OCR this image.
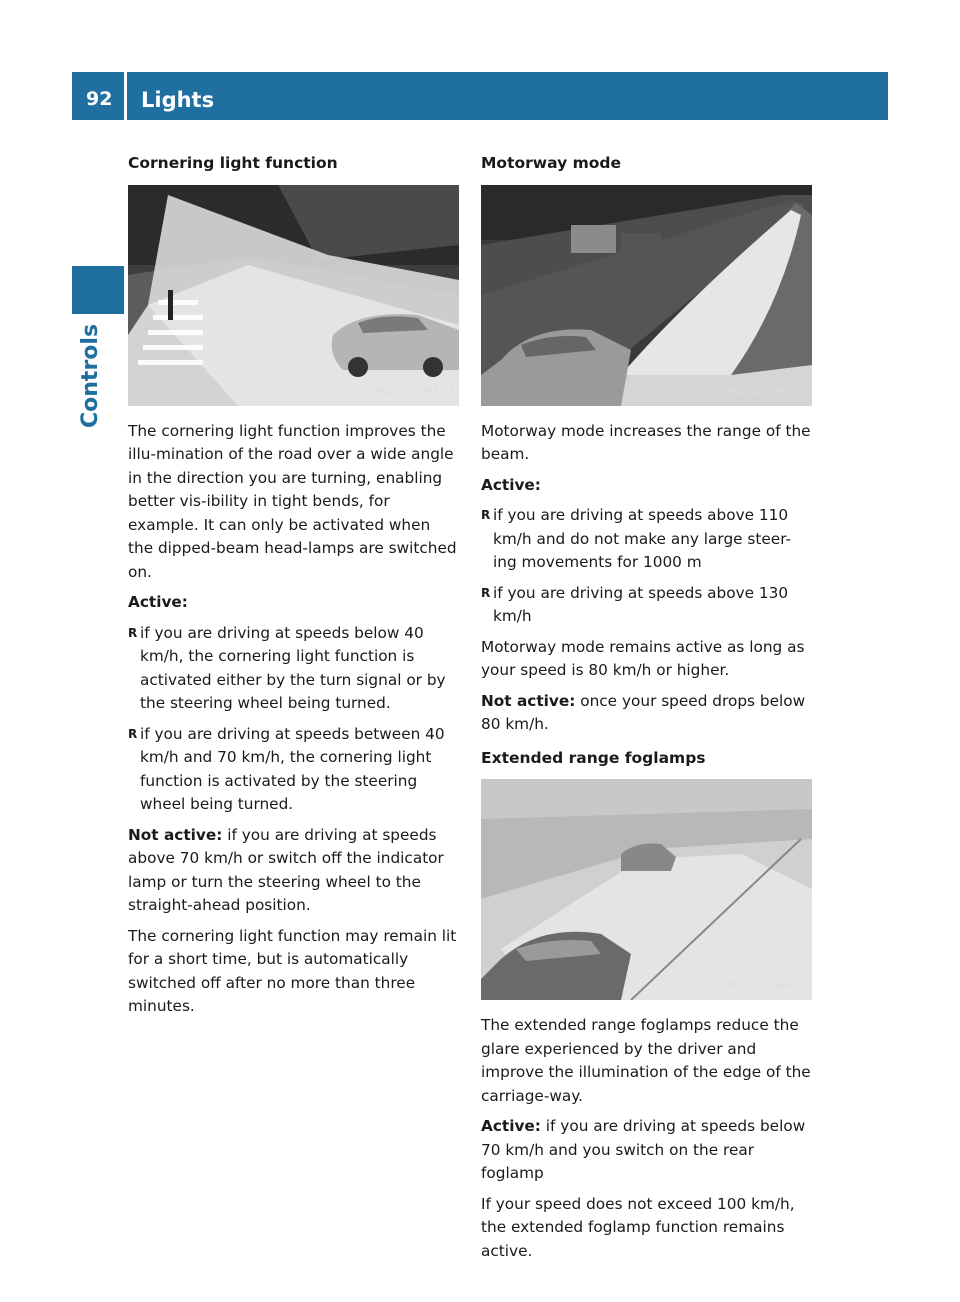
92	Lights
Controls
Cornering light function
P82.10-5397-31

The cornering light function improves the illu-mination of the road over a wide angle in the direction you are turning, enabling better vis-ibility in tight bends, for example. It can only be activated when the dipped-beam head-lamps are switched on.

Active:

R if you are driving at speeds below 40 km/h, the cornering light function is activated either by the turn signal or by the steering wheel being turned.
R if you are driving at speeds between 40 km/h and 70 km/h, the cornering light function is activated by the steering wheel being turned.

Not active: if you are driving at speeds above 70 km/h or switch off the indicator lamp or turn the steering wheel to the straight-ahead position.

The cornering light function may remain lit for a short time, but is automatically switched off after no more than three minutes.

Motorway mode
P82.10-5395-31

Motorway mode increases the range of the beam.

Active:

R if you are driving at speeds above 110 km/h and do not make any large steer-ing movements for 1000 m
R if you are driving at speeds above 130 km/h

Motorway mode remains active as long as your speed is 80 km/h or higher.

Not active: once your speed drops below 80 km/h.

Extended range foglamps
P82.10-5394-31

The extended range foglamps reduce the glare experienced by the driver and improve the illumination of the edge of the carriage-way.

Active: if you are driving at speeds below 70 km/h and you switch on the rear foglamp

If your speed does not exceed 100 km/h, the extended foglamp function remains active.
